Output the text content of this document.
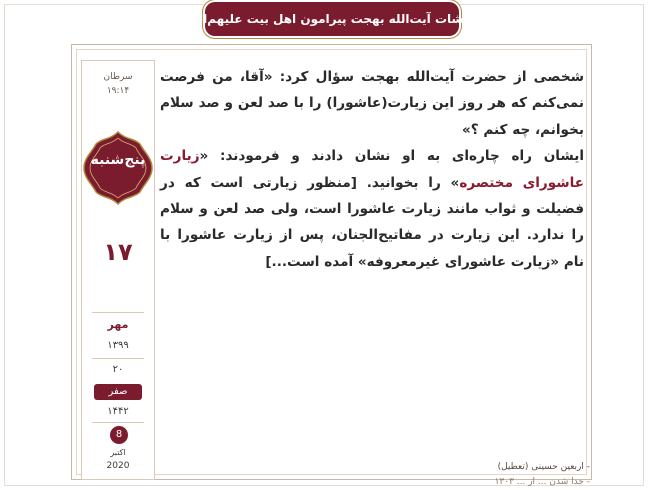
فرمایشات آیت‌الله بهجت پیرامون اهل بیت علیهم‌السلام
سرطان
۱۹:۱۴
پنج‌شنبه
۱۷
مهر
۱۳۹۹
۲۰
صفر
۱۴۴۲
8
اکتبر
2020
شخصی از حضرت آیت‌الله بهجت سؤال کرد: «آقا، من فرصت نمی‌کنم که هر روز این زیارت(عاشورا) را با صد لعن و صد سلام بخوانم، چه کنم ؟»
ایشان راه چاره‌ای به او نشان دادند و فرمودند: «زیارت عاشورای مختصره» را بخوانید. [منظور زیارتی است که در فضیلت و ثواب مانند زیارت عاشورا است، ولی صد لعن و سلام را ندارد. این زیارت در مفاتیح‌الجنان، پس از زیارت عاشورا با نام «زیارت عاشورای غیرمعروفه» آمده است...]
- اربعین حسینی (تعطیل)
- جدا شدن ... از ... ۱۳۰۳
